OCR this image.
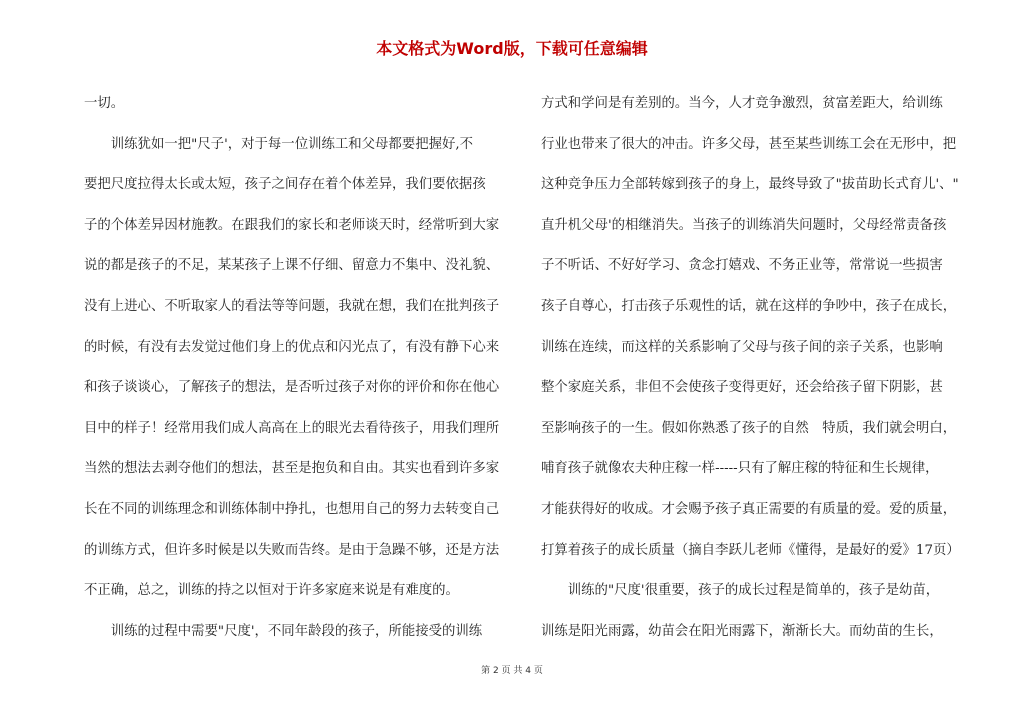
本文格式为Word版，下载可任意编辑
一切。
　　训练犹如一把"尺子'，对于每一位训练工和父母都要把握好,不
要把尺度拉得太长或太短，孩子之间存在着个体差异，我们要依据孩
子的个体差异因材施教。在跟我们的家长和老师谈天时，经常听到大家
说的都是孩子的不足，某某孩子上课不仔细、留意力不集中、没礼貌、
没有上进心、不听取家人的看法等等问题，我就在想，我们在批判孩子
的时候，有没有去发觉过他们身上的优点和闪光点了，有没有静下心来
和孩子谈谈心，了解孩子的想法，是否听过孩子对你的评价和你在他心
目中的样子！经常用我们成人高高在上的眼光去看待孩子，用我们理所
当然的想法去剥夺他们的想法，甚至是抱负和自由。其实也看到许多家
长在不同的训练理念和训练体制中挣扎，也想用自己的努力去转变自己
的训练方式，但许多时候是以失败而告终。是由于急躁不够，还是方法
不正确，总之，训练的持之以恒对于许多家庭来说是有难度的。
　　训练的过程中需要"尺度'，不同年龄段的孩子，所能接受的训练
方式和学问是有差别的。当今，人才竞争激烈，贫富差距大，给训练
行业也带来了很大的冲击。许多父母，甚至某些训练工会在无形中，把
这种竞争压力全部转嫁到孩子的身上，最终导致了"拔苗助长式育儿'、"
直升机父母'的相继消失。当孩子的训练消失问题时，父母经常责备孩
子不听话、不好好学习、贪念打嬉戏、不务正业等，常常说一些损害
孩子自尊心，打击孩子乐观性的话，就在这样的争吵中，孩子在成长，
训练在连续，而这样的关系影响了父母与孩子间的亲子关系，也影响
整个家庭关系，非但不会使孩子变得更好，还会给孩子留下阴影，甚
至影响孩子的一生。假如你熟悉了孩子的自然　特质，我们就会明白，
哺育孩子就像农夫种庄稼一样-----只有了解庄稼的特征和生长规律，
才能获得好的收成。才会赐予孩子真正需要的有质量的爱。爱的质量，
打算着孩子的成长质量（摘自李跃儿老师《懂得，是最好的爱》17页）
　　训练的"尺度'很重要，孩子的成长过程是简单的，孩子是幼苗，
训练是阳光雨露，幼苗会在阳光雨露下，渐渐长大。而幼苗的生长，
第 2 页 共 4 页
